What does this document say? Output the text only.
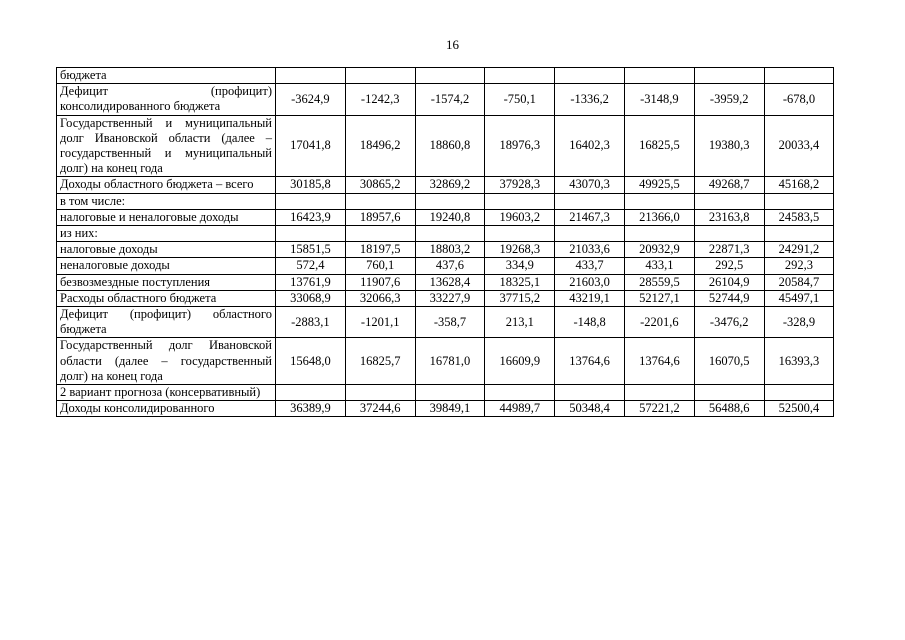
16
бюджета								
Дефицит (профицит) консолидированного бюджета	-3624,9	-1242,3	-1574,2	-750,1	-1336,2	-3148,9	-3959,2	-678,0
Государственный и муниципальный долг Ивановской области (далее – государственный и муниципальный долг) на конец года	17041,8	18496,2	18860,8	18976,3	16402,3	16825,5	19380,3	20033,4
Доходы областного бюджета – всего	30185,8	30865,2	32869,2	37928,3	43070,3	49925,5	49268,7	45168,2
в том числе:								
налоговые и неналоговые доходы	16423,9	18957,6	19240,8	19603,2	21467,3	21366,0	23163,8	24583,5
из них:								
налоговые доходы	15851,5	18197,5	18803,2	19268,3	21033,6	20932,9	22871,3	24291,2
неналоговые доходы	572,4	760,1	437,6	334,9	433,7	433,1	292,5	292,3
безвозмездные поступления	13761,9	11907,6	13628,4	18325,1	21603,0	28559,5	26104,9	20584,7
Расходы областного бюджета	33068,9	32066,3	33227,9	37715,2	43219,1	52127,1	52744,9	45497,1
Дефицит (профицит) областного бюджета	-2883,1	-1201,1	-358,7	213,1	-148,8	-2201,6	-3476,2	-328,9
Государственный долг Ивановской области (далее – государственный долг) на конец года	15648,0	16825,7	16781,0	16609,9	13764,6	13764,6	16070,5	16393,3
2 вариант прогноза (консервативный)								
Доходы консолидированного	36389,9	37244,6	39849,1	44989,7	50348,4	57221,2	56488,6	52500,4
